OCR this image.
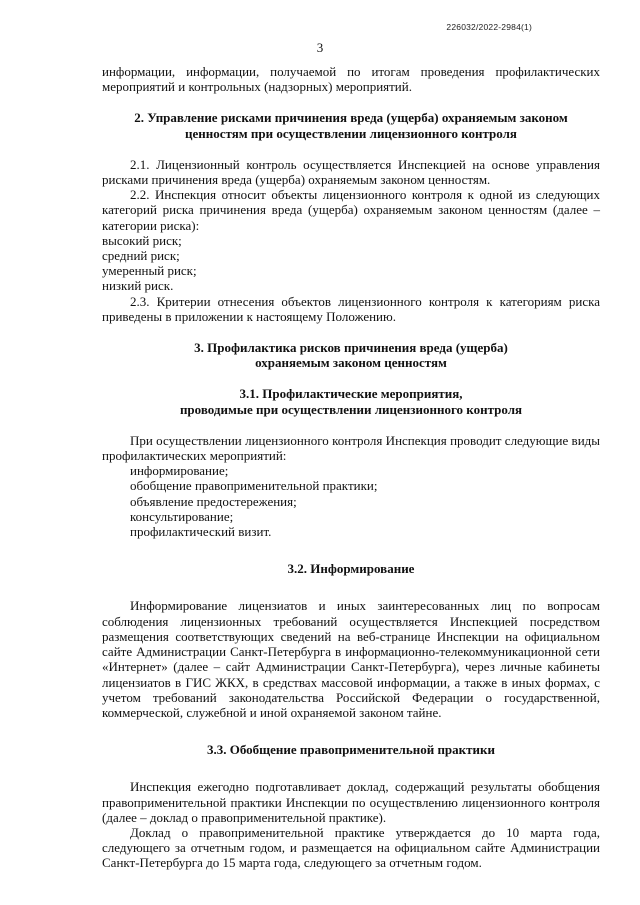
226032/2022-2984(1)
3

информации, информации, получаемой по итогам проведения профилактических мероприятий и контрольных (надзорных) мероприятий.

2. Управление рисками причинения вреда (ущерба) охраняемым законом

ценностям при осуществлении лицензионного контроля

2.1. Лицензионный контроль осуществляется Инспекцией на основе управления рисками причинения вреда (ущерба) охраняемым законом ценностям.

2.2. Инспекция относит объекты лицензионного контроля к одной из следующих категорий риска причинения вреда (ущерба) охраняемым законом ценностям (далее – категории риска):

высокий риск;

средний риск;

умеренный риск;

низкий риск.

2.3. Критерии отнесения объектов лицензионного контроля к категориям риска приведены в приложении к настоящему Положению.

3. Профилактика рисков причинения вреда (ущерба)

охраняемым законом ценностям

3.1. Профилактические мероприятия,

проводимые при осуществлении лицензионного контроля

При осуществлении лицензионного контроля Инспекция проводит следующие виды профилактических мероприятий:

информирование;

обобщение правоприменительной практики;

объявление предостережения;

консультирование;

профилактический визит.

3.2. Информирование

Информирование лицензиатов и иных заинтересованных лиц по вопросам соблюдения лицензионных требований осуществляется Инспекцией посредством размещения соответствующих сведений на веб-странице Инспекции на официальном сайте Администрации Санкт-Петербурга в информационно-телекоммуникационной сети «Интернет» (далее – сайт Администрации Санкт-Петербурга), через личные кабинеты лицензиатов в ГИС ЖКХ, в средствах массовой информации, а также в иных формах, с учетом требований законодательства Российской Федерации о государственной, коммерческой, служебной и иной охраняемой законом тайне.

3.3. Обобщение правоприменительной практики

Инспекция ежегодно подготавливает доклад, содержащий результаты обобщения правоприменительной практики Инспекции по осуществлению лицензионного контроля (далее – доклад о правоприменительной практике).

Доклад о правоприменительной практике утверждается до 10 марта года, следующего за отчетным годом, и размещается на официальном сайте Администрации Санкт-Петербурга до 15 марта года, следующего за отчетным годом.
